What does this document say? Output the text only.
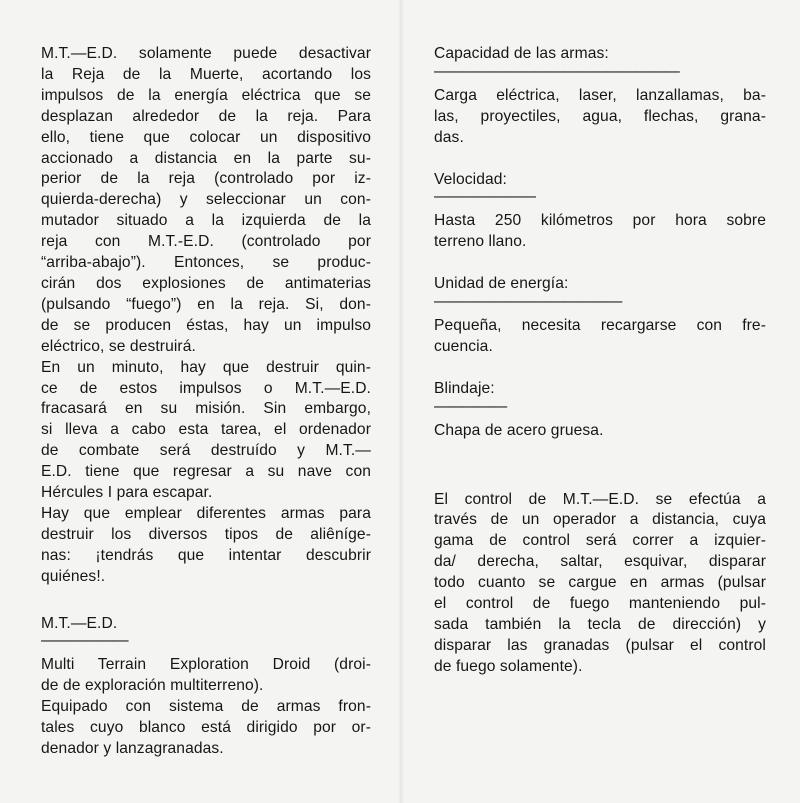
M.T.—E.D. solamente puede desactivar
la Reja de la Muerte, acortando los
impulsos de la energía eléctrica que se
desplazan alrededor de la reja. Para
ello, tiene que colocar un dispositivo
accionado a distancia en la parte su-
perior de la reja (controlado por iz-
quierda-derecha) y seleccionar un con-
mutador situado a la izquierda de la
reja con M.T.-E.D. (controlado por
“arriba-abajo”). Entonces, se produc-
cirán dos explosiones de antimaterias
(pulsando “fuego”) en la reja. Si, don-
de se producen éstas, hay un impulso
eléctrico, se destruirá.
En un minuto, hay que destruir quin-
ce de estos impulsos o M.T.—E.D.
fracasará en su misión. Sin embargo,
si lleva a cabo esta tarea, el ordenador
de combate será destruído y M.T.—
E.D. tiene que regresar a su nave con
Hércules I para escapar.
Hay que emplear diferentes armas para
destruir los diversos tipos de aliêníge-
nas: ¡tendrás que intentar descubrir
quiénes!.
M.T.—E.D.
——————
Multi Terrain Exploration Droid (droi-
de de exploración multiterreno).
Equipado con sistema de armas fron-
tales cuyo blanco está dirigido por or-
denador y lanzagranadas.
Capacidad de las armas:
—————————————————
Carga eléctrica, laser, lanzallamas, ba-
las, proyectiles, agua, flechas, grana-
das.
Velocidad:
———————
Hasta 250 kilómetros por hora sobre
terreno llano.
Unidad de energía:
—————————————
Pequeña, necesita recargarse con fre-
cuencia.
Blindaje:
—————
Chapa de acero gruesa.
El control de M.T.—E.D. se efectúa a
través de un operador a distancia, cuya
gama de control será correr a izquier-
da/ derecha, saltar, esquivar, disparar
todo cuanto se cargue en armas (pulsar
el control de fuego manteniendo pul-
sada también la tecla de dirección) y
disparar las granadas (pulsar el control
de fuego solamente).
